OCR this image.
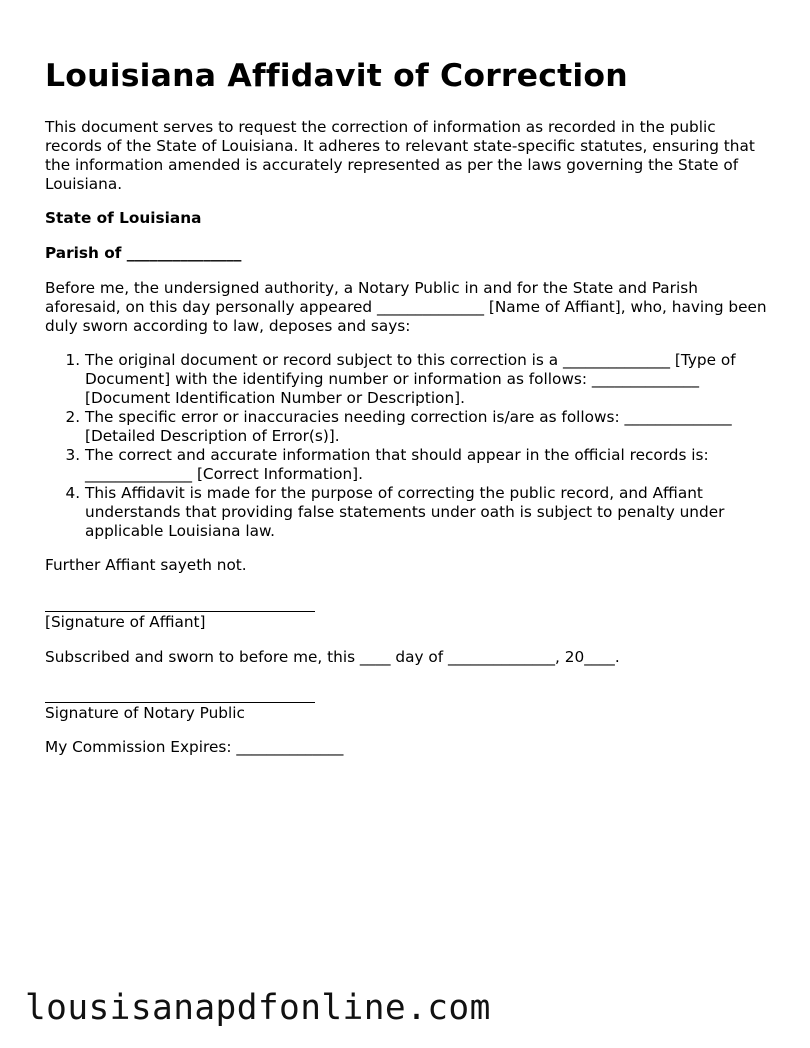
Louisiana Affidavit of Correction

This document serves to request the correction of information as recorded in the public records of the State of Louisiana. It adheres to relevant state-specific statutes, ensuring that the information amended is accurately represented as per the laws governing the State of Louisiana.

State of Louisiana

Parish of _______________

Before me, the undersigned authority, a Notary Public in and for the State and Parish aforesaid, on this day personally appeared ______________ [Name of Affiant], who, having been duly sworn according to law, deposes and says:

1. The original document or record subject to this correction is a ______________ [Type of Document] with the identifying number or information as follows: ______________ [Document Identification Number or Description].
2. The specific error or inaccuracies needing correction is/are as follows: ______________ [Detailed Description of Error(s)].
3. The correct and accurate information that should appear in the official records is: ______________ [Correct Information].
4. This Affidavit is made for the purpose of correcting the public record, and Affiant understands that providing false statements under oath is subject to penalty under applicable Louisiana law.

Further Affiant sayeth not.

[Signature of Affiant]

Subscribed and sworn to before me, this ____ day of ______________, 20____.

Signature of Notary Public

My Commission Expires: ______________

lousisanapdfonline.com
